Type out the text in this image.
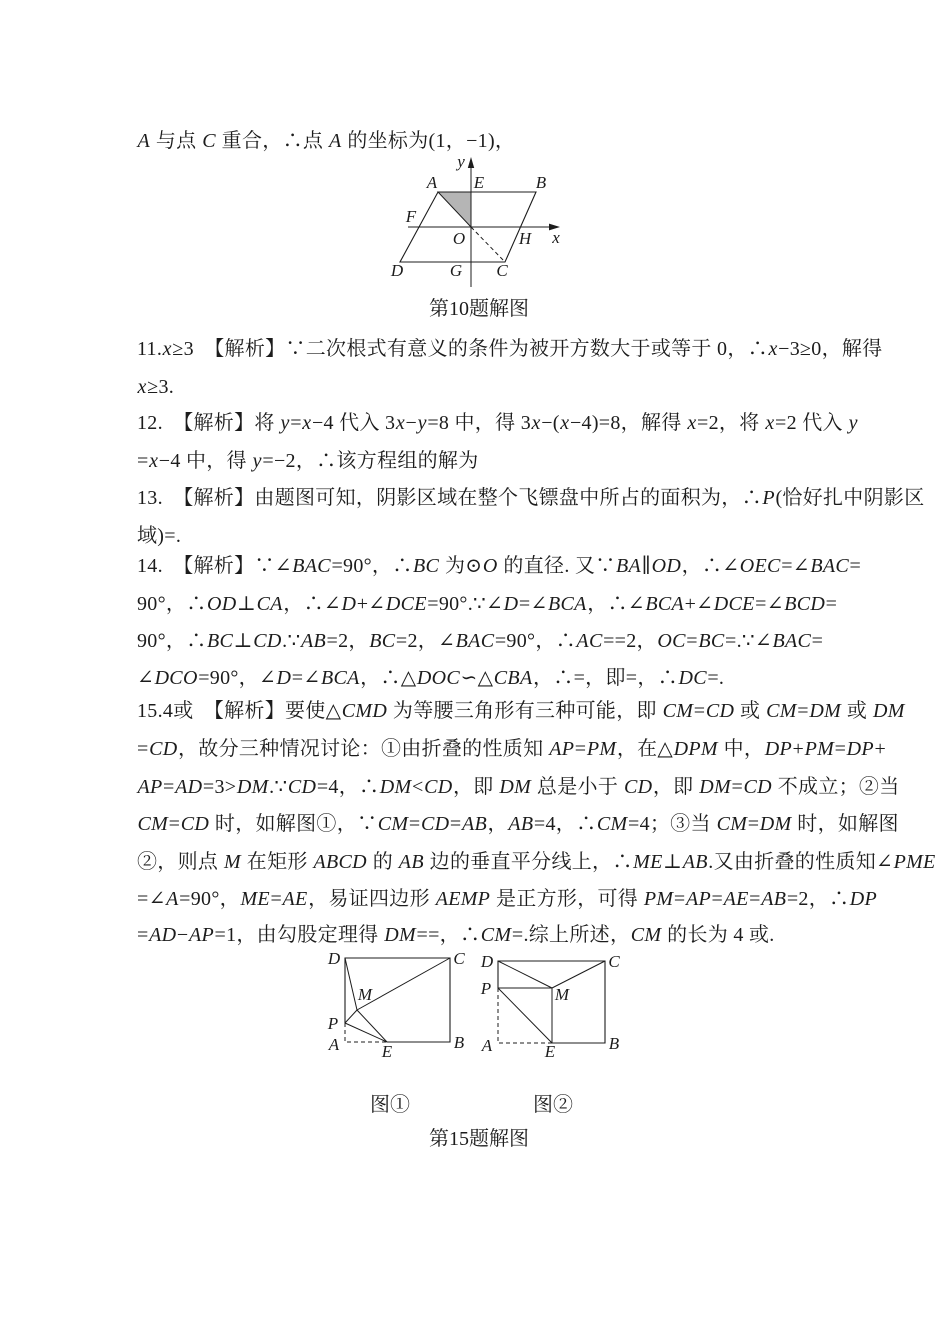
A 与点 C 重合，∴点 A 的坐标为(1，−1)，
y
x
A E	B
F
O	H
D	G C
第10题解图
11.x≥3　【解析】∵二次根式有意义的条件为被开方数大于或等于 0，∴x−3≥0，解得
x≥3.
12.　【解析】将 y=x−4 代入 3x−y=8 中，得 3x−(x−4)=8，解得 x=2，将 x=2 代入 y
=x−4 中，得 y=−2，∴该方程组的解为
13.　【解析】由题图可知，阴影区域在整个飞镖盘中所占的面积为，∴P(恰好扎中阴影区
域)=.
14.　【解析】∵∠BAC=90°，∴BC 为⊙O 的直径. 又∵BA∥OD，∴∠OEC=∠BAC=
90°，∴OD⊥CA，∴∠D+∠DCE=90°.∵∠D=∠BCA，∴∠BCA+∠DCE=∠BCD=
90°，∴BC⊥CD.∵AB=2，BC=2，∠BAC=90°，∴AC==2，OC=BC=.∵∠BAC=
∠DCO=90°，∠D=∠BCA，∴△DOC∽△CBA，∴=，即=，∴DC=.
15.4或　【解析】要使△CMD 为等腰三角形有三种可能，即 CM=CD 或 CM=DM 或 DM
=CD，故分三种情况讨论：①由折叠的性质知 AP=PM，在△DPM 中，DP+PM=DP+
AP=AD=3>DM.∵CD=4，∴DM<CD，即 DM 总是小于 CD，即 DM=CD 不成立；②当
CM=CD 时，如解图①，∵CM=CD=AB，AB=4，∴CM=4；③当 CM=DM 时，如解图
②，则点 M 在矩形 ABCD 的 AB 边的垂直平分线上，∴ME⊥AB.又由折叠的性质知∠PME
=∠A=90°，ME=AE，易证四边形 AEMP 是正方形，可得 PM=AP=AE=AB=2，∴DP
=AD−AP=1，由勾股定理得 DM==，∴CM=.综上所述，CM 的长为 4 或.
D	C
B
A
P
E
M
D	C
B
A
P	M
E
图①	图②
第15题解图
